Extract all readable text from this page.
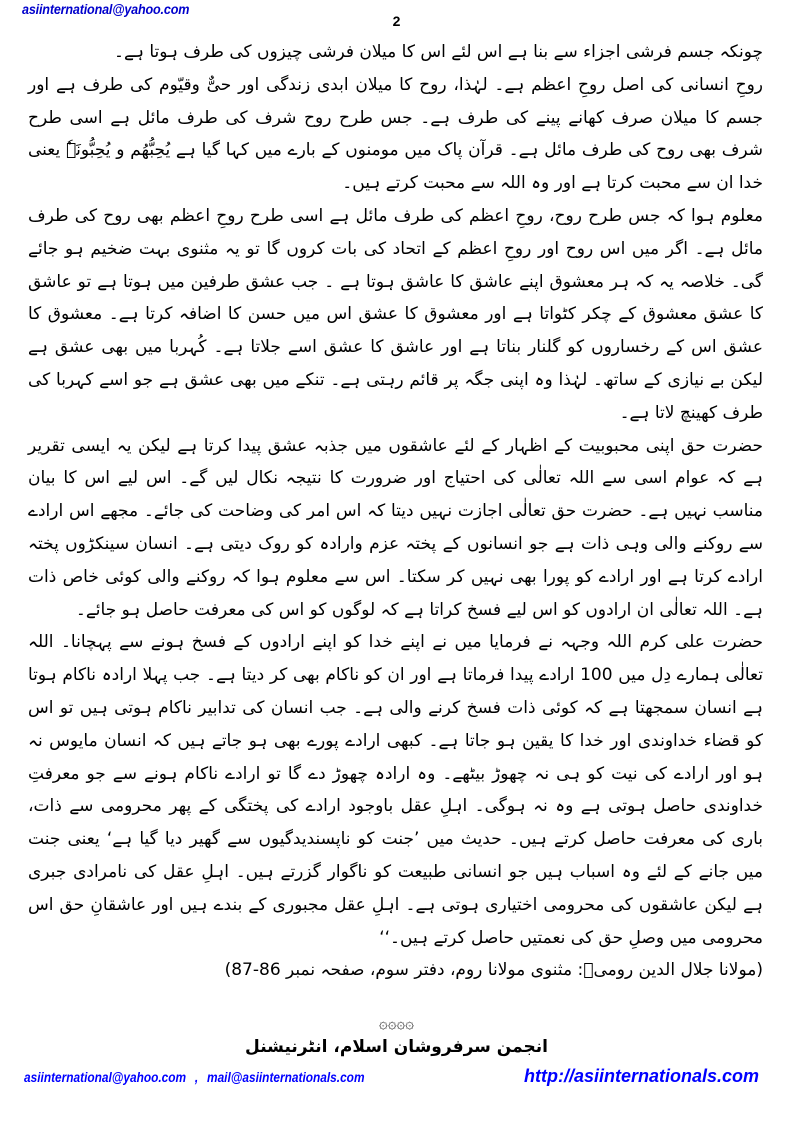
asiinternational@yahoo.com
2

چونکہ جسم فرشی اجزاء سے بنا ہے اس لئے اس کا میلان فرشی چیزوں کی طرف ہوتا ہے۔

روحِ انسانی کی اصل روحِ اعظم ہے۔ لہٰذا، روح کا میلان ابدی زندگی اور حیٌّ وقیّوم کی طرف ہے اور جسم کا میلان صرف کھانے پینے کی طرف ہے۔ جس طرح روح شرف کی طرف مائل ہے اسی طرح شرف بھی روح کی طرف مائل ہے۔ قرآن پاک میں مومنوں کے بارے میں کہا گیا ہے یُحِبُّھُم و یُحِبُّونَہٗ یعنی خدا ان سے محبت کرتا ہے اور وہ اللہ سے محبت کرتے ہیں۔

معلوم ہوا کہ جس طرح روح، روحِ اعظم کی طرف مائل ہے اسی طرح روحِ اعظم بھی روح کی طرف مائل ہے۔ اگر میں اس روح اور روحِ اعظم کے اتحاد کی بات کروں گا تو یہ مثنوی بہت ضخیم ہو جائے گی۔ خلاصہ یہ کہ ہر معشوق اپنے عاشق کا عاشق ہوتا ہے ۔ جب عشق طرفین میں ہوتا ہے تو عاشق کا عشق معشوق کے چکر کٹواتا ہے اور معشوق کا عشق اس میں حسن کا اضافہ کرتا ہے۔ معشوق کا عشق اس کے رخساروں کو گلنار بناتا ہے اور عاشق کا عشق اسے جلاتا ہے۔ کُہربا میں بھی عشق ہے لیکن بے نیازی کے ساتھ۔ لہٰذا وہ اپنی جگہ پر قائم رہتی ہے۔ تنکے میں بھی عشق ہے جو اسے کہربا کی طرف کھینچ لاتا ہے۔

حضرت حق اپنی محبوبیت کے اظہار کے لئے عاشقوں میں جذبہ عشق پیدا کرتا ہے لیکن یہ ایسی تقریر ہے کہ عوام اسی سے اللہ تعالٰی کی احتیاج اور ضرورت کا نتیجہ نکال لیں گے۔ اس لیے اس کا بیان مناسب نہیں ہے۔ حضرت حق تعالٰی اجازت نہیں دیتا کہ اس امر کی وضاحت کی جائے۔ مجھے اس ارادے سے روکنے والی وہی ذات ہے جو انسانوں کے پختہ عزم وارادہ کو روک دیتی ہے۔ انسان سینکڑوں پختہ ارادے کرتا ہے اور ارادے کو پورا بھی نہیں کر سکتا۔ اس سے معلوم ہوا کہ روکنے والی کوئی خاص ذات ہے۔ اللہ تعالٰی ان ارادوں کو اس لیے فسخ کراتا ہے کہ لوگوں کو اس کی معرفت حاصل ہو جائے۔

حضرت علی کرم اللہ وجہہ نے فرمایا میں نے اپنے خدا کو اپنے ارادوں کے فسخ ہونے سے پہچانا۔ اللہ تعالٰی ہمارے دِل میں 100 ارادے پیدا فرماتا ہے اور ان کو ناکام بھی کر دیتا ہے۔ جب پہلا ارادہ ناکام ہوتا ہے انسان سمجھتا ہے کہ کوئی ذات فسخ کرنے والی ہے۔ جب انسان کی تدابیر ناکام ہوتی ہیں تو اس کو قضاء خداوندی اور خدا کا یقین ہو جاتا ہے۔ کبھی ارادے پورے بھی ہو جاتے ہیں کہ انسان مایوس نہ ہو اور ارادے کی نیت کو ہی نہ چھوڑ بیٹھے۔ وہ ارادہ چھوڑ دے گا تو ارادے ناکام ہونے سے جو معرفتِ خداوندی حاصل ہوتی ہے وہ نہ ہوگی۔ اہلِ عقل باوجود ارادے کی پختگی کے پھر محرومی سے ذات، باری کی معرفت حاصل کرتے ہیں۔ حدیث میں ’جنت کو ناپسندیدگیوں سے گھیر دیا گیا ہے‘ یعنی جنت میں جانے کے لئے وہ اسباب ہیں جو انسانی طبیعت کو ناگوار گزرتے ہیں۔ اہلِ عقل کی نامرادی جبری ہے لیکن عاشقوں کی محرومی اختیاری ہوتی ہے۔ اہلِ عقل مجبوری کے بندے ہیں اور عاشقانِ حق اس محرومی میں وصلِ حق کی نعمتیں حاصل کرتے ہیں۔‘‘

(مولانا جلال الدین رومیؒ: مثنوی مولانا روم، دفتر سوم، صفحہ نمبر 86-87)

۞۞۞۞
انجمن سرفروشان اسلام، انٹرنیشنل
asiinternational@yahoo.com , mail@asiinternationals.com	http://asiinternationals.com
